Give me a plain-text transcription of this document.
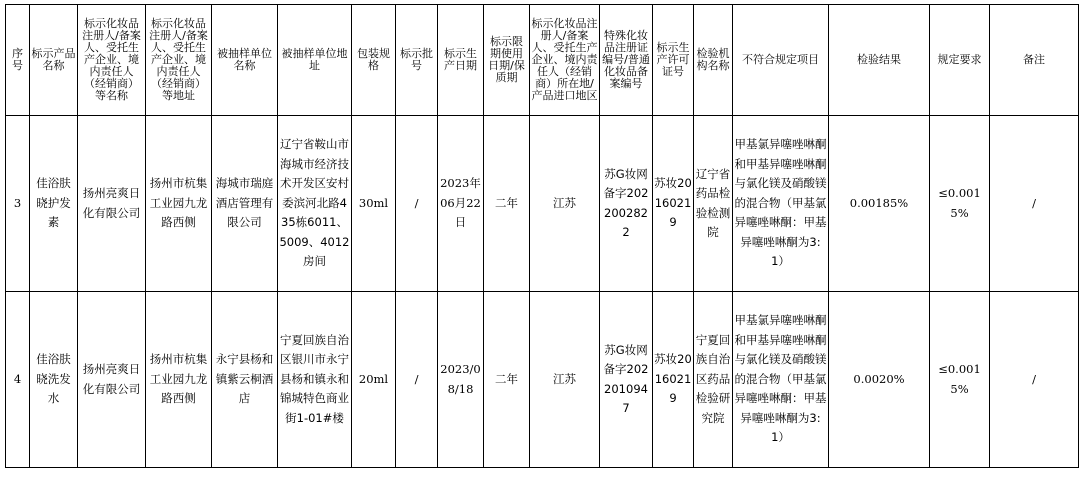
序号	标示产品名称	标示化妆品注册人/备案人、受托生产企业、境内责任人（经销商）等名称	标示化妆品注册人/备案人、受托生产企业、境内责任人（经销商）等地址	被抽样单位名称	被抽样单位地址	包装规格	标示批号	标示生产日期	标示限期使用日期/保质期	标示化妆品注册人/备案人、受托生产企业、境内责任人（经销商）所在地/产品进口地区	特殊化妆品注册证编号/普通化妆品备案编号	标示生产许可证号	检验机构名称	不符合规定项目	检验结果	规定要求	备注
3	佳浴肤晓护发素	扬州亮爽日化有限公司	扬州市杭集工业园九龙路西侧	海城市瑞庭酒店管理有限公司	辽宁省鞍山市海城市经济技术开发区安村委滨河北路435栋6011、5009、4012房间	30ml	/	2023年06月22日	二年	江苏	苏G妆网备字2022002822	苏妆20160219	辽宁省药品检验检测院	甲基氯异噻唑啉酮和甲基异噻唑啉酮与氯化镁及硝酸镁的混合物（甲基氯异噻唑啉酮：甲基异噻唑啉酮为3:1）	0.00185%	≤0.0015%	/
4	佳浴肤晓洗发水	扬州亮爽日化有限公司	扬州市杭集工业园九龙路西侧	永宁县杨和镇紫云桐酒店	宁夏回族自治区银川市永宁县杨和镇永和锦城特色商业街1-01#楼	20ml	/	2023/08/18	二年	江苏	苏G妆网备字2022010947	苏妆20160219	宁夏回族自治区药品检验研究院	甲基氯异噻唑啉酮和甲基异噻唑啉酮与氯化镁及硝酸镁的混合物（甲基氯异噻唑啉酮：甲基异噻唑啉酮为3:1）	0.0020%	≤0.0015%	/
